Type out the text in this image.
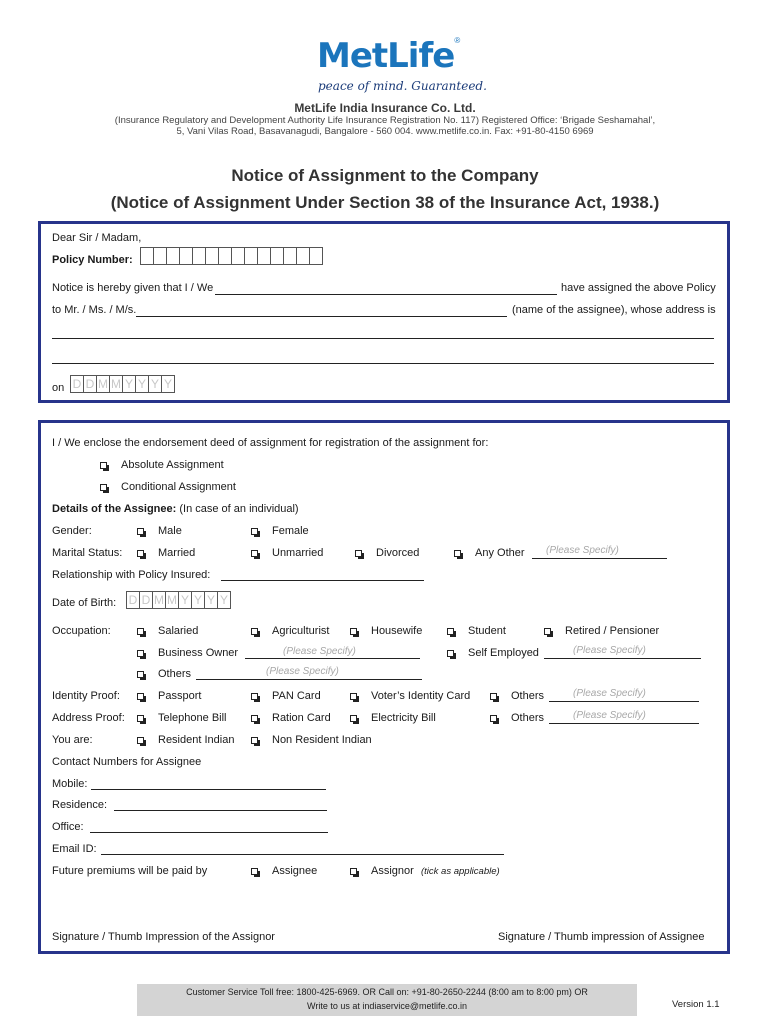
MetLife®
peace of mind. Guaranteed.
MetLife India Insurance Co. Ltd.
(Insurance Regulatory and Development Authority Life Insurance Registration No. 117) Registered Office: ‘Brigade Seshamahal’,
5, Vani Vilas Road, Basavanagudi, Bangalore - 560 004. www.metlife.co.in. Fax: +91-80-4150 6969
Notice of Assignment to the Company
(Notice of Assignment Under Section 38 of the Insurance Act, 1938.)
Dear Sir / Madam,
Policy Number:
Notice is hereby given that I / We	have assigned the above Policy
to Mr. / Ms. / M/s.	(name of the assignee), whose address is
on D D M M Y Y Y Y
I / We enclose the endorsement deed of assignment for registration of the assignment for:
Absolute Assignment
Conditional Assignment
Details of the Assignee: (In case of an individual)
Gender:	Male	Female
Marital Status:	Married	Unmarried	Divorced	Any Other (Please Specify)
Relationship with Policy Insured:
Date of Birth: D D M M Y Y Y Y
Occupation:	Salaried	Agriculturist	Housewife	Student	Retired / Pensioner
Business Owner	(Please Specify)	Self Employed	(Please Specify)
Others	(Please Specify)
Identity Proof:	Passport	PAN Card	Voter’s Identity Card	Others	(Please Specify)
Address Proof:	Telephone Bill	Ration Card	Electricity Bill	Others	(Please Specify)
You are:	Resident Indian	Non Resident Indian
Contact Numbers for Assignee
Mobile:
Residence:
Office:
Email ID:
Future premiums will be paid by	Assignee	Assignor (tick as applicable)
Signature / Thumb Impression of the Assignor	Signature / Thumb impression of Assignee
Customer Service Toll free: 1800-425-6969. OR Call on: +91-80-2650-2244 (8:00 am to 8:00 pm) OR
Write to us at indiaservice@metlife.co.in	Version 1.1
